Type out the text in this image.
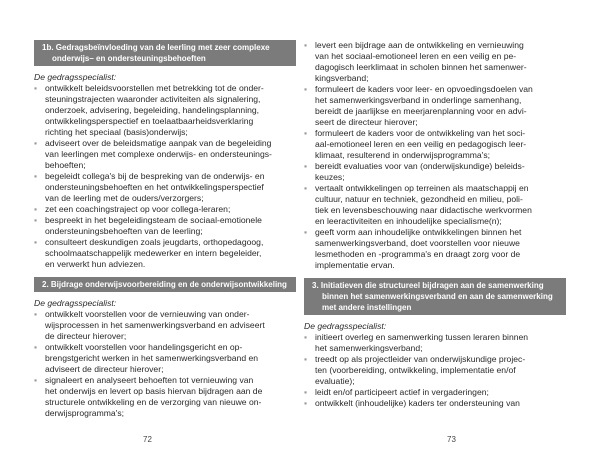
1b. Gedragsbeïnvloeding van de leerling met zeer complexe
onderwijs– en ondersteuningsbehoeften
De gedragsspecialist:
▪ ontwikkelt beleidsvoorstellen met betrekking tot de onder-
steuningstrajecten waaronder activiteiten als signalering,
onderzoek, advisering, begeleiding, handelingsplanning,
ontwikkelingsperspectief en toelaatbaarheidsverklaring
richting het speciaal (basis)onderwijs;
▪ adviseert over de beleidsmatige aanpak van de begeleiding
van leerlingen met complexe onderwijs- en ondersteunings-
behoeften;
▪ begeleidt collega's bij de bespreking van de onderwijs- en
ondersteuningsbehoeften en het ontwikkelingsperspectief
van de leerling met de ouders/verzorgers;
▪ zet een coachingstraject op voor collega-leraren;
▪ bespreekt in het begeleidingsteam de sociaal-emotionele
ondersteuningsbehoeften van de leerling;
▪ consulteert deskundigen zoals jeugdarts, orthopedagoog,
schoolmaatschappelijk medewerker en intern begeleider,
en verwerkt hun adviezen.
2. Bijdrage onderwijsvoorbereiding en de onderwijsontwikkeling
De gedragsspecialist:
▪ ontwikkelt voorstellen voor de vernieuwing van onder-
wijsprocessen in het samenwerkingsverband en adviseert
de directeur hierover;
▪ ontwikkelt voorstellen voor handelingsgericht en op-
brengstgericht werken in het samenwerkingsverband en
adviseert de directeur hierover;
▪ signaleert en analyseert behoeften tot vernieuwing van
het onderwijs en levert op basis hiervan bijdragen aan de
structurele ontwikkeling en de verzorging van nieuwe on-
derwijsprogramma's;
▪ levert een bijdrage aan de ontwikkeling en vernieuwing
van het sociaal-emotioneel leren en een veilig en pe-
dagogisch leerklimaat in scholen binnen het samenwer-
kingsverband;
▪ formuleert de kaders voor leer- en opvoedingsdoelen van
het samenwerkingsverband in onderlinge samenhang,
bereidt de jaarlijkse en meerjarenplanning voor en advi-
seert de directeur hierover;
▪ formuleert de kaders voor de ontwikkeling van het soci-
aal-emotioneel leren en een veilig en pedagogisch leer-
klimaat, resulterend in onderwijsprogramma's;
▪ bereidt evaluaties voor van (onderwijskundige) beleids-
keuzes;
▪ vertaalt ontwikkelingen op terreinen als maatschappij en
cultuur, natuur en techniek, gezondheid en milieu, poli-
tiek en levensbeschouwing naar didactische werkvormen
en leeractiviteiten en inhoudelijke specialisme(n);
▪ geeft vorm aan inhoudelijke ontwikkelingen binnen het
samenwerkingsverband, doet voorstellen voor nieuwe
lesmethoden en -programma's en draagt zorg voor de
implementatie ervan.
3. Initiatieven die structureel bijdragen aan de samenwerking
binnen het samenwerkingsverband en aan de samenwerking
met andere instellingen
De gedragsspecialist:
▪ initieert overleg en samenwerking tussen leraren binnen
het samenwerkingsverband;
▪ treedt op als projectleider van onderwijskundige projec-
ten (voorbereiding, ontwikkeling, implementatie en/of
evaluatie);
▪ leidt en/of participeert actief in vergaderingen;
▪ ontwikkelt (inhoudelijke) kaders ter ondersteuning van
72	73
